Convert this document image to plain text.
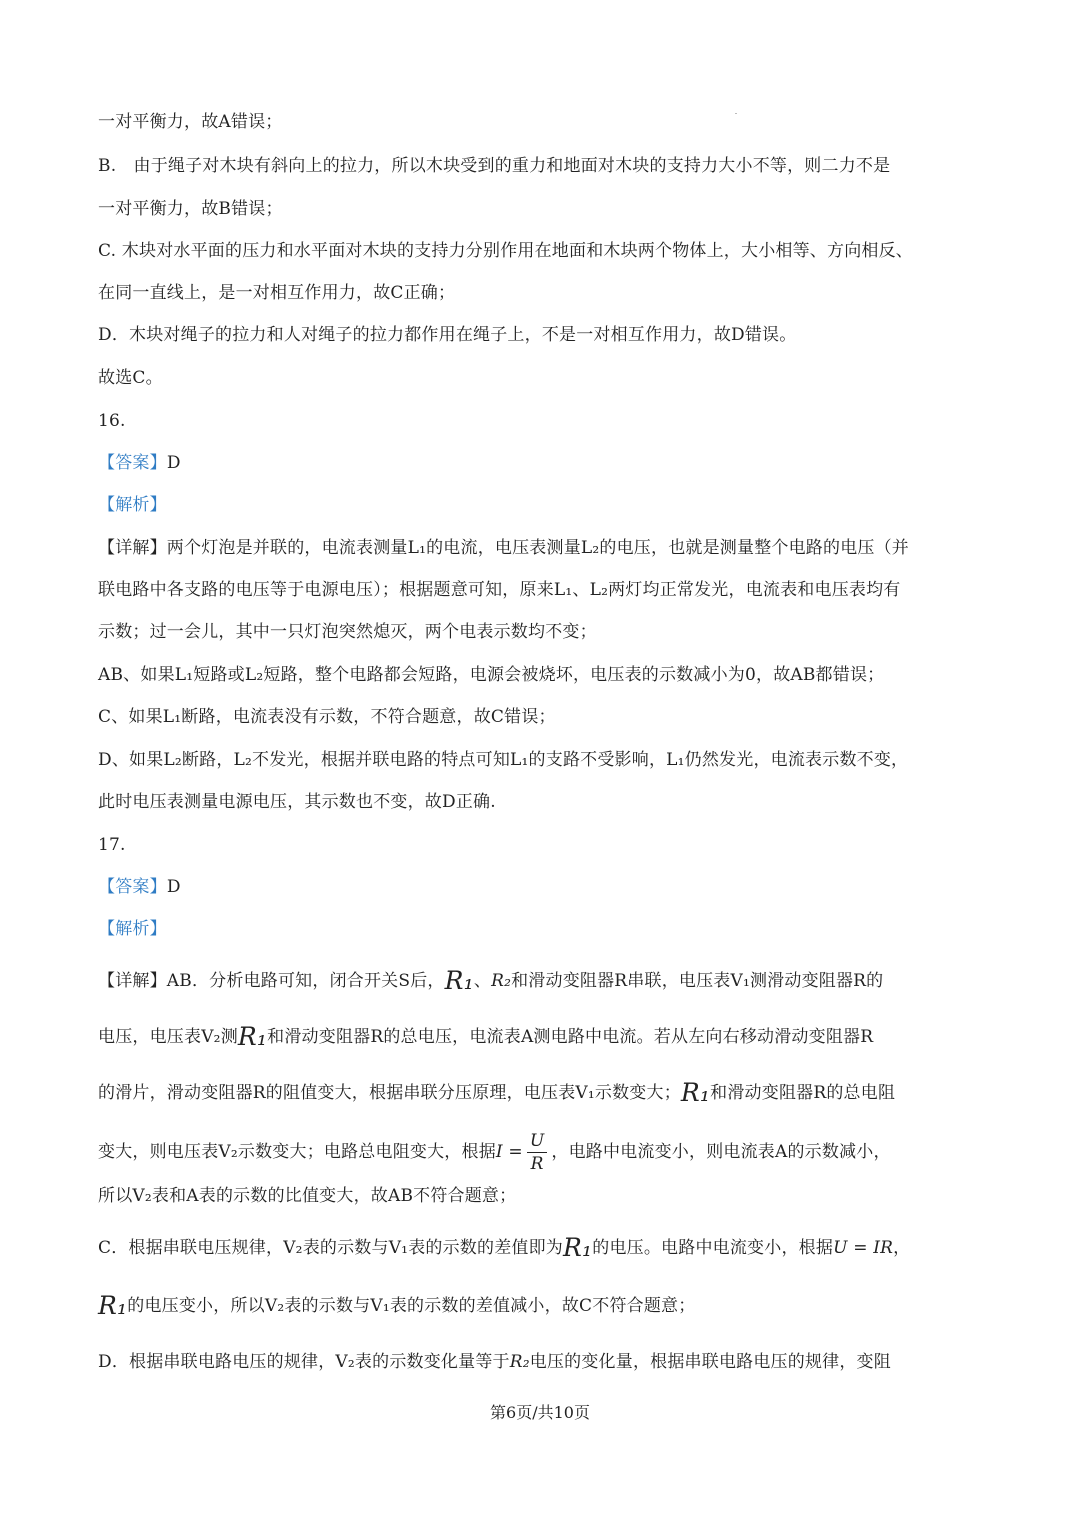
一对平衡力，故A错误；
B.　由于绳子对木块有斜向上的拉力，所以木块受到的重力和地面对木块的支持力大小不等，则二力不是
一对平衡力，故B错误；
C. 木块对水平面的压力和水平面对木块的支持力分别作用在地面和木块两个物体上，大小相等、方向相反、
在同一直线上，是一对相互作用力，故C正确；
D．木块对绳子的拉力和人对绳子的拉力都作用在绳子上，不是一对相互作用力，故D错误。
故选C。
16.
【答案】D
【解析】
【详解】两个灯泡是并联的，电流表测量L₁的电流，电压表测量L₂的电压，也就是测量整个电路的电压（并
联电路中各支路的电压等于电源电压）；根据题意可知，原来L₁、L₂两灯均正常发光，电流表和电压表均有
示数；过一会儿，其中一只灯泡突然熄灭，两个电表示数均不变；
AB、如果L₁短路或L₂短路，整个电路都会短路，电源会被烧坏，电压表的示数减小为0，故AB都错误；
C、如果L₁断路，电流表没有示数，不符合题意，故C错误；
D、如果L₂断路，L₂不发光，根据并联电路的特点可知L₁的支路不受影响，L₁仍然发光，电流表示数不变，
此时电压表测量电源电压，其示数也不变，故D正确.
17.
【答案】D
【解析】
【详解】AB．分析电路可知，闭合开关S后，R₁、R₂和滑动变阻器R串联，电压表V₁测滑动变阻器R的
电压，电压表V₂测R₁和滑动变阻器R的总电压，电流表A测电路中电流。若从左向右移动滑动变阻器R
的滑片，滑动变阻器R的阻值变大，根据串联分压原理，电压表V₁示数变大；R₁和滑动变阻器R的总电阻
变大，则电压表V₂示数变大；电路总电阻变大，根据$I = \frac{U}{R}$ ，电路中电流变小，则电流表A的示数减小，
所以V₂表和A表的示数的比值变大，故AB不符合题意；
C．根据串联电压规律，V₂表的示数与V₁表的示数的差值即为R₁的电压。电路中电流变小，根据U = IR，
R₁的电压变小，所以V₂表的示数与V₁表的示数的差值减小，故C不符合题意；
D．根据串联电路电压的规律，V₂表的示数变化量等于R₂电压的变化量，根据串联电路电压的规律，变阻
第6页/共10页
